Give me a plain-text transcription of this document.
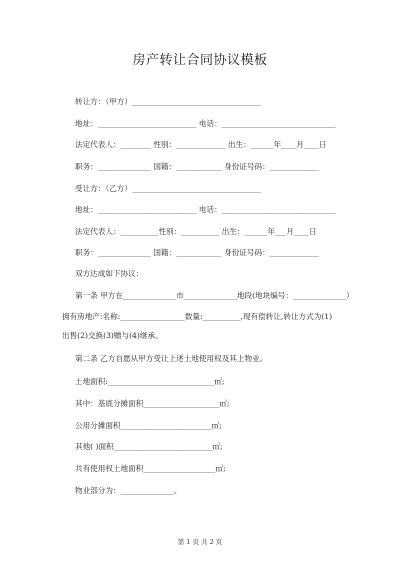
房产转让合同协议模板
转让方：（甲方）__________________________________
地址：__________________________ 电话：______________________________
法定代表人：________ 性别：_____________ 出生：______年____月____日
职务：______________ 国籍：____________ 身份证号码：_____________
受让方：（乙方）__________________________________
地址：__________________________ 电话：______________________________
法定代表人：__________性别：__________ 出生：______年___月____日
职务：______________ 国籍：____________ 身份证号码：_____________
双方达成如下协议：
第一条 甲方在______________市______________地段(地块编号：______________）
拥有房地产:名称:_________________数量:__________,现有偿转让,转让方式为(1)
出售(2)交换(3)赠与(4)继承。
第二条 乙方自愿从甲方受让上述土地使用权及其上物业。
土地面积:____________________________㎡;
其中：基底分摊面积____________________㎡;
公用分摊面积________________________㎡;
其他( )面积__________________________㎡;
共有使用权土地面积___________________㎡;
物业部分为：______________。
第 1 页 共 2 页
